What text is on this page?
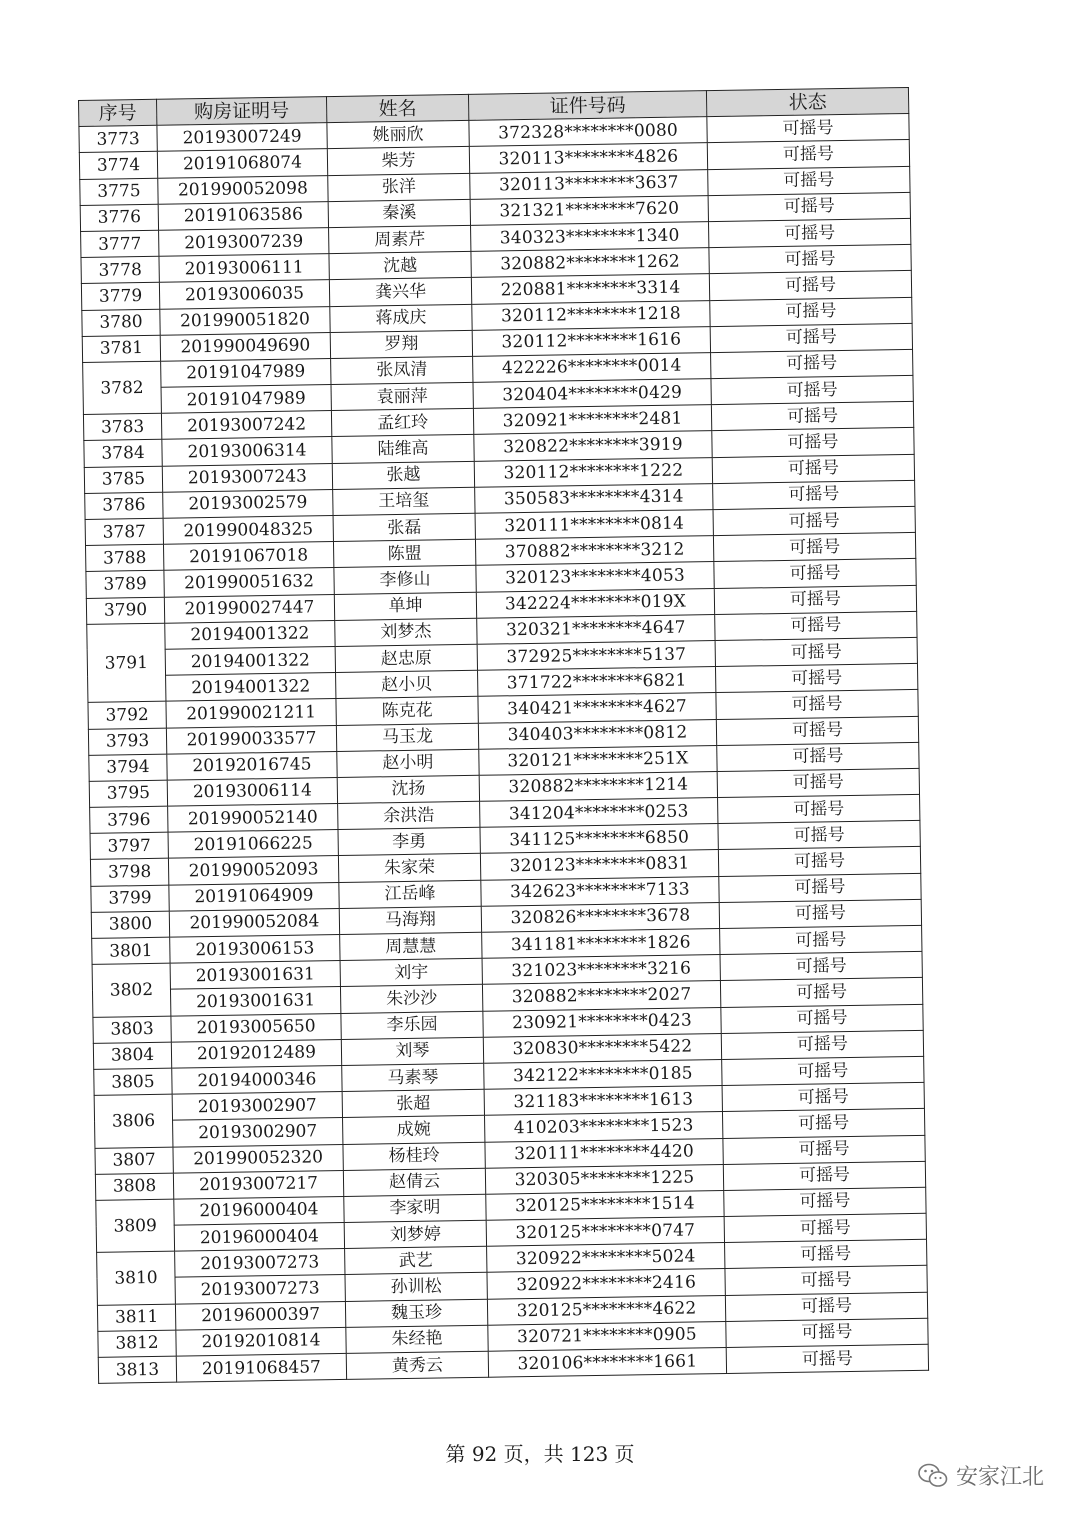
序号	购房证明号	姓名	证件号码	状态
3773	20193007249	姚丽欣	372328********0080	可摇号
3774	20191068074	柴芳	320113********4826	可摇号
3775	201990052098	张洋	320113********3637	可摇号
3776	20191063586	秦溪	321321********7620	可摇号
3777	20193007239	周素芹	340323********1340	可摇号
3778	20193006111	沈越	320882********1262	可摇号
3779	20193006035	龚兴华	220881********3314	可摇号
3780	201990051820	蒋成庆	320112********1218	可摇号
3781	201990049690	罗翔	320112********1616	可摇号
3782	20191047989	张凤清	422226********0014	可摇号
	20191047989	袁丽萍	320404********0429	可摇号
3783	20193007242	孟红玲	320921********2481	可摇号
3784	20193006314	陆维高	320822********3919	可摇号
3785	20193007243	张越	320112********1222	可摇号
3786	20193002579	王培玺	350583********4314	可摇号
3787	201990048325	张磊	320111********0814	可摇号
3788	20191067018	陈盟	370882********3212	可摇号
3789	201990051632	李修山	320123********4053	可摇号
3790	201990027447	单坤	342224********019X	可摇号
3791	20194001322	刘梦杰	320321********4647	可摇号
	20194001322	赵忠原	372925********5137	可摇号
	20194001322	赵小贝	371722********6821	可摇号
3792	201990021211	陈克花	340421********4627	可摇号
3793	201990033577	马玉龙	340403********0812	可摇号
3794	20192016745	赵小明	320121********251X	可摇号
3795	20193006114	沈扬	320882********1214	可摇号
3796	201990052140	余洪浩	341204********0253	可摇号
3797	20191066225	李勇	341125********6850	可摇号
3798	201990052093	朱家荣	320123********0831	可摇号
3799	20191064909	江岳峰	342623********7133	可摇号
3800	201990052084	马海翔	320826********3678	可摇号
3801	20193006153	周慧慧	341181********1826	可摇号
3802	20193001631	刘宇	321023********3216	可摇号
	20193001631	朱沙沙	320882********2027	可摇号
3803	20193005650	李乐园	230921********0423	可摇号
3804	20192012489	刘琴	320830********5422	可摇号
3805	20194000346	马素琴	342122********0185	可摇号
3806	20193002907	张超	321183********1613	可摇号
	20193002907	成婉	410203********1523	可摇号
3807	201990052320	杨桂玲	320111********4420	可摇号
3808	20193007217	赵倩云	320305********1225	可摇号
3809	20196000404	李家明	320125********1514	可摇号
	20196000404	刘梦婷	320125********0747	可摇号
3810	20193007273	武艺	320922********5024	可摇号
	20193007273	孙训松	320922********2416	可摇号
3811	20196000397	魏玉珍	320125********4622	可摇号
3812	20192010814	朱经艳	320721********0905	可摇号
3813	20191068457	黄秀云	320106********1661	可摇号
第 92 页，共 123 页
安家江北
